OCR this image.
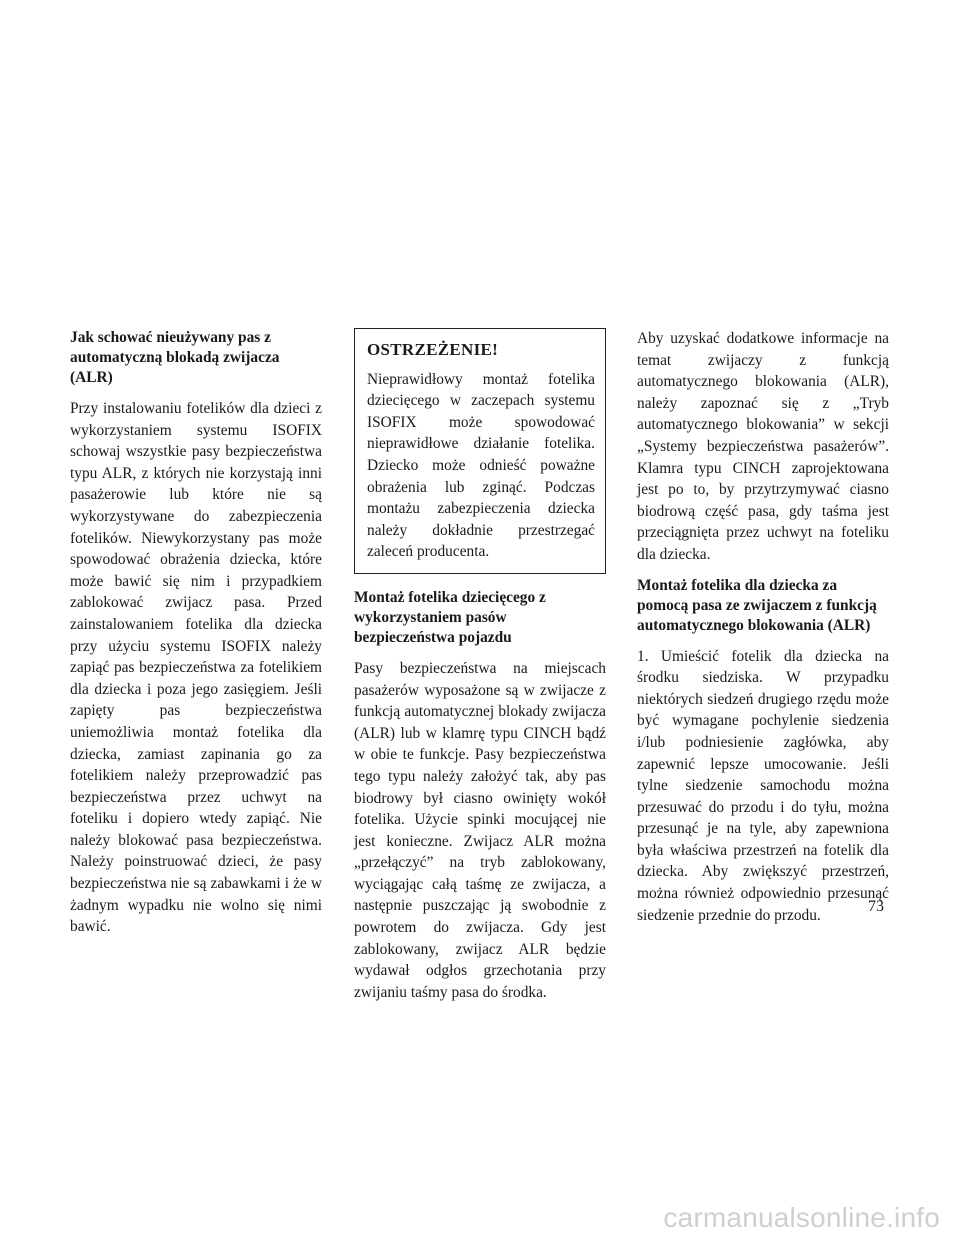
Jak schować nieużywany pas z automatyczną blokadą zwijacza (ALR)

Przy instalowaniu fotelików dla dzieci z wykorzystaniem systemu ISOFIX schowaj wszystkie pasy bezpieczeństwa typu ALR, z których nie korzystają inni pasażerowie lub które nie są wykorzystywane do zabezpieczenia fotelików. Niewykorzystany pas może spowodować obrażenia dziecka, które może bawić się nim i przypadkiem zablokować zwijacz pasa. Przed zainstalowaniem fotelika dla dziecka przy użyciu systemu ISOFIX należy zapiąć pas bezpieczeństwa za fotelikiem dla dziecka i poza jego zasięgiem. Jeśli zapięty pas bezpieczeństwa uniemożliwia montaż fotelika dla dziecka, zamiast zapinania go za fotelikiem należy przeprowadzić pas bezpieczeństwa przez uchwyt na foteliku i dopiero wtedy zapiąć. Nie należy blokować pasa bezpieczeństwa. Należy poinstruować dzieci, że pasy bezpieczeństwa nie są zabawkami i że w żadnym wypadku nie wolno się nimi bawić.

OSTRZEŻENIE!

Nieprawidłowy montaż fotelika dziecięcego w zaczepach systemu ISOFIX może spowodować nieprawidłowe działanie fotelika. Dziecko może odnieść poważne obrażenia lub zginąć. Podczas montażu zabezpieczenia dziecka należy dokładnie przestrzegać zaleceń producenta.

Montaż fotelika dziecięcego z wykorzystaniem pasów bezpieczeństwa pojazdu

Pasy bezpieczeństwa na miejscach pasażerów wyposażone są w zwijacze z funkcją automatycznej blokady zwijacza (ALR) lub w klamrę typu CINCH bądź w obie te funkcje. Pasy bezpieczeństwa tego typu należy założyć tak, aby pas biodrowy był ciasno owinięty wokół fotelika. Użycie spinki mocującej nie jest konieczne. Zwijacz ALR można „przełączyć” na tryb zablokowany, wyciągając całą taśmę ze zwijacza, a następnie puszczając ją swobodnie z powrotem do zwijacza. Gdy jest zablokowany, zwijacz ALR będzie wydawał odgłos grzechotania przy zwijaniu taśmy pasa do środka.

Aby uzyskać dodatkowe informacje na temat zwijaczy z funkcją automatycznego blokowania (ALR), należy zapoznać się z „Tryb automatycznego blokowania” w sekcji „Systemy bezpieczeństwa pasażerów”. Klamra typu CINCH zaprojektowana jest po to, by przytrzymywać ciasno biodrową część pasa, gdy taśma jest przeciągnięta przez uchwyt na foteliku dla dziecka.

Montaż fotelika dla dziecka za pomocą pasa ze zwijaczem z funkcją automatycznego blokowania (ALR)

1. Umieścić fotelik dla dziecka na środku siedziska. W przypadku niektórych siedzeń drugiego rzędu może być wymagane pochylenie siedzenia i/lub podniesienie zagłówka, aby zapewnić lepsze umocowanie. Jeśli tylne siedzenie samochodu można przesuwać do przodu i do tyłu, można przesunąć je na tyle, aby zapewniona była właściwa przestrzeń na fotelik dla dziecka. Aby zwiększyć przestrzeń, można również odpowiednio przesunąć siedzenie przednie do przodu.

73
carmanualsonline.info
